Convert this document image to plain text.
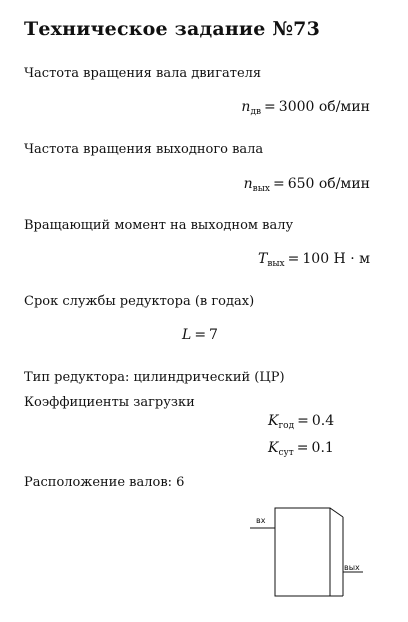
Техническое задание №73
Частота вращения вала двигателя
$n_{дв} = 3000$ об/мин
Частота вращения выходного вала
$n_{вых} = 650$ об/мин
Вращающий момент на выходном валу
$T_{вых} = 100$ Н · м
Срок службы редуктора (в годах)
L = 7
Тип редуктора: цилиндрический (ЦР)
Коэффициенты загрузки
$K_{год} = 0.4$
$K_{сут} = 0.1$
Расположение валов: 6
вх
вых
